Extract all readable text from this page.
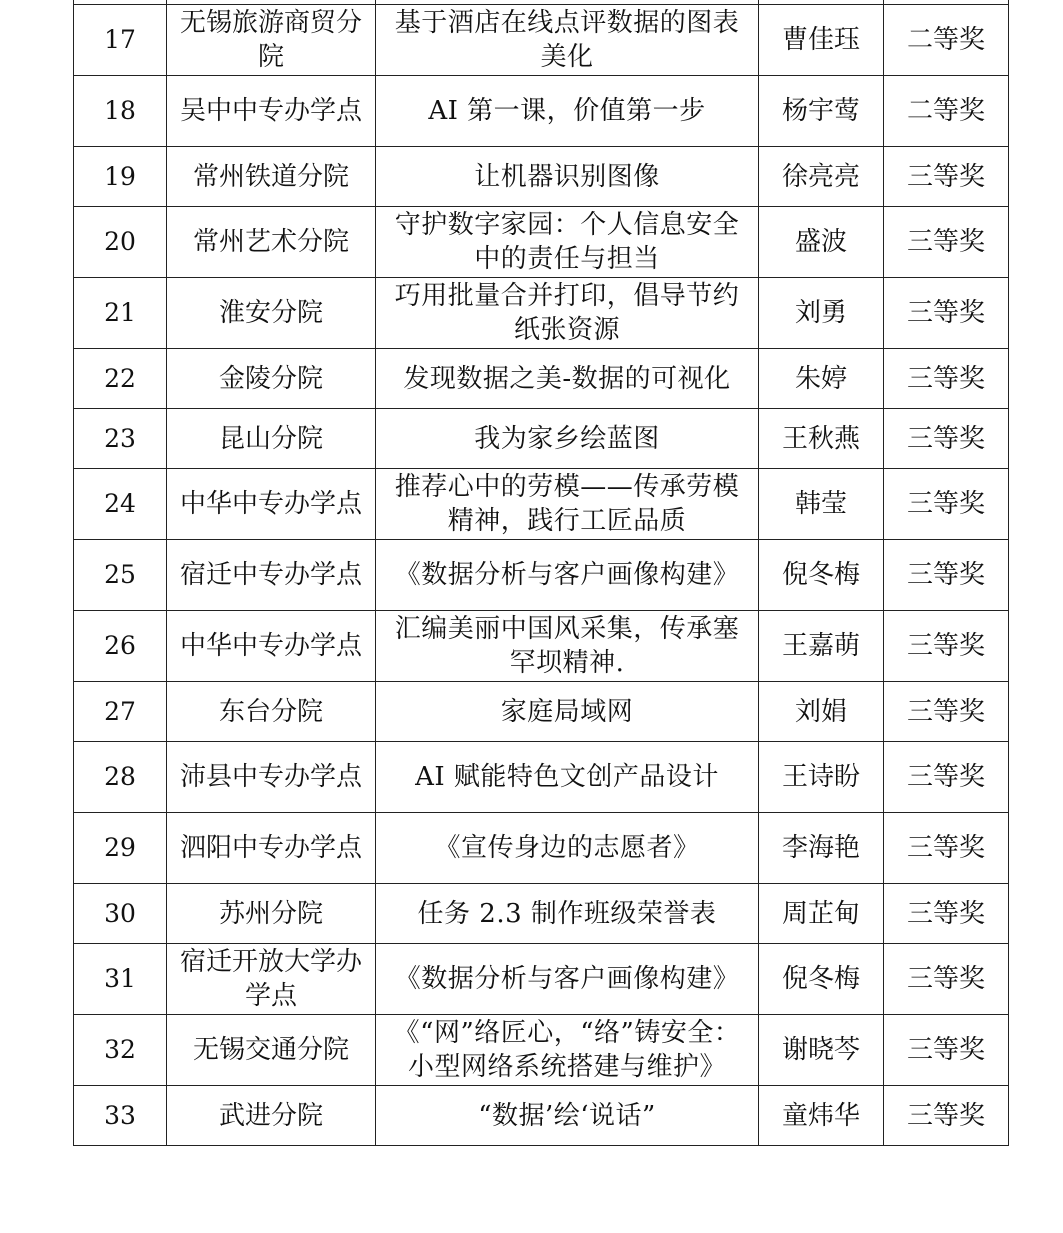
17	无锡旅游商贸分院	基于酒店在线点评数据的图表美化	曹佳珏	二等奖
18	吴中中专办学点	AI 第一课，价值第一步	杨宇莺	二等奖
19	常州铁道分院	让机器识别图像	徐亮亮	三等奖
20	常州艺术分院	守护数字家园：个人信息安全中的责任与担当	盛波	三等奖
21	淮安分院	巧用批量合并打印，倡导节约纸张资源	刘勇	三等奖
22	金陵分院	发现数据之美-数据的可视化	朱婷	三等奖
23	昆山分院	我为家乡绘蓝图	王秋燕	三等奖
24	中华中专办学点	推荐心中的劳模——传承劳模精神，践行工匠品质	韩莹	三等奖
25	宿迁中专办学点	《数据分析与客户画像构建》	倪冬梅	三等奖
26	中华中专办学点	汇编美丽中国风采集，传承塞罕坝精神.	王嘉萌	三等奖
27	东台分院	家庭局域网	刘娟	三等奖
28	沛县中专办学点	AI 赋能特色文创产品设计	王诗盼	三等奖
29	泗阳中专办学点	《宣传身边的志愿者》	李海艳	三等奖
30	苏州分院	任务 2.3 制作班级荣誉表	周芷甸	三等奖
31	宿迁开放大学办学点	《数据分析与客户画像构建》	倪冬梅	三等奖
32	无锡交通分院	《“网”络匠心，“络”铸安全：小型网络系统搭建与维护》	谢晓芩	三等奖
33	武进分院	“数据’绘‘说话”	童炜华	三等奖
